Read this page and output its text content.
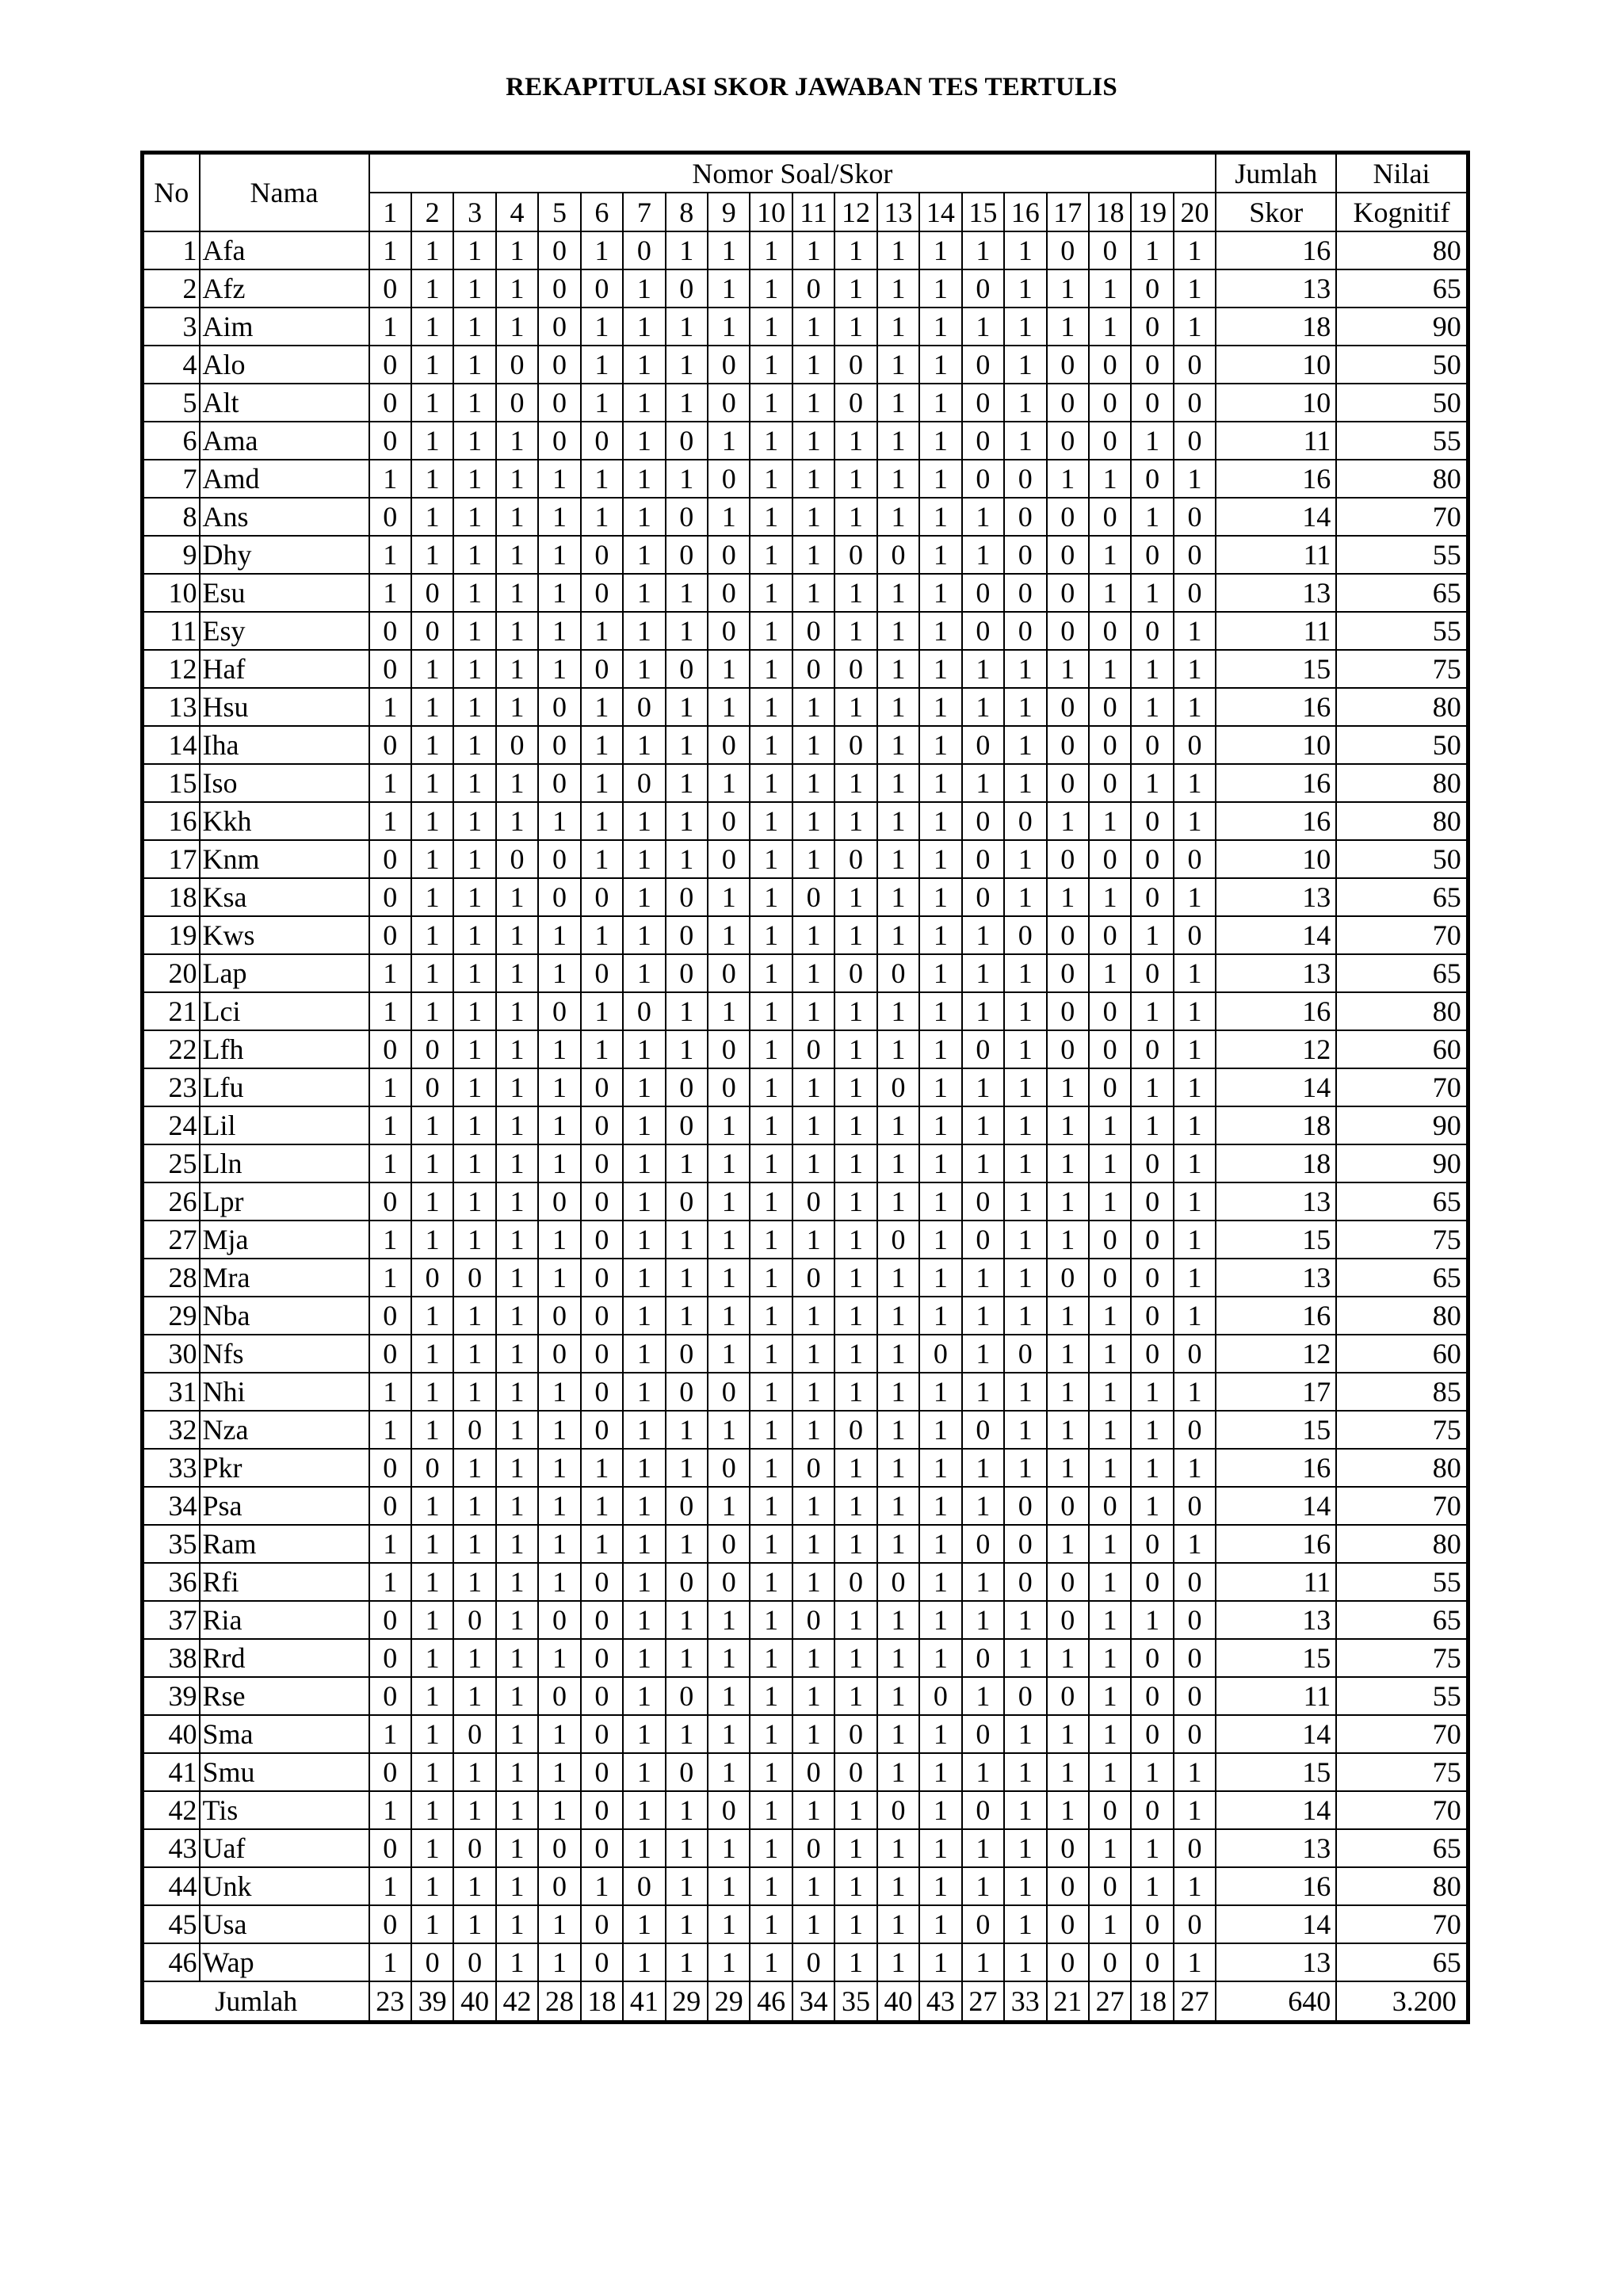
REKAPITULASI SKOR JAWABAN TES TERTULIS
No	Nama	Nomor Soal/Skor																				Jumlah	Nilai
		1	2	3	4	5	6	7	8	9	10	11	12	13	14	15	16	17	18	19	20	Skor	Kognitif
1	Afa	1	1	1	1	0	1	0	1	1	1	1	1	1	1	1	1	0	0	1	1	16	80
2	Afz	0	1	1	1	0	0	1	0	1	1	0	1	1	1	0	1	1	1	0	1	13	65
3	Aim	1	1	1	1	0	1	1	1	1	1	1	1	1	1	1	1	1	1	0	1	18	90
4	Alo	0	1	1	0	0	1	1	1	0	1	1	0	1	1	0	1	0	0	0	0	10	50
5	Alt	0	1	1	0	0	1	1	1	0	1	1	0	1	1	0	1	0	0	0	0	10	50
6	Ama	0	1	1	1	0	0	1	0	1	1	1	1	1	1	0	1	0	0	1	0	11	55
7	Amd	1	1	1	1	1	1	1	1	0	1	1	1	1	1	0	0	1	1	0	1	16	80
8	Ans	0	1	1	1	1	1	1	0	1	1	1	1	1	1	1	0	0	0	1	0	14	70
9	Dhy	1	1	1	1	1	0	1	0	0	1	1	0	0	1	1	0	0	1	0	0	11	55
10	Esu	1	0	1	1	1	0	1	1	0	1	1	1	1	1	0	0	0	1	1	0	13	65
11	Esy	0	0	1	1	1	1	1	1	0	1	0	1	1	1	0	0	0	0	0	1	11	55
12	Haf	0	1	1	1	1	0	1	0	1	1	0	0	1	1	1	1	1	1	1	1	15	75
13	Hsu	1	1	1	1	0	1	0	1	1	1	1	1	1	1	1	1	0	0	1	1	16	80
14	Iha	0	1	1	0	0	1	1	1	0	1	1	0	1	1	0	1	0	0	0	0	10	50
15	Iso	1	1	1	1	0	1	0	1	1	1	1	1	1	1	1	1	0	0	1	1	16	80
16	Kkh	1	1	1	1	1	1	1	1	0	1	1	1	1	1	0	0	1	1	0	1	16	80
17	Knm	0	1	1	0	0	1	1	1	0	1	1	0	1	1	0	1	0	0	0	0	10	50
18	Ksa	0	1	1	1	0	0	1	0	1	1	0	1	1	1	0	1	1	1	0	1	13	65
19	Kws	0	1	1	1	1	1	1	0	1	1	1	1	1	1	1	0	0	0	1	0	14	70
20	Lap	1	1	1	1	1	0	1	0	0	1	1	0	0	1	1	1	0	1	0	1	13	65
21	Lci	1	1	1	1	0	1	0	1	1	1	1	1	1	1	1	1	0	0	1	1	16	80
22	Lfh	0	0	1	1	1	1	1	1	0	1	0	1	1	1	0	1	0	0	0	1	12	60
23	Lfu	1	0	1	1	1	0	1	0	0	1	1	1	0	1	1	1	1	0	1	1	14	70
24	Lil	1	1	1	1	1	0	1	0	1	1	1	1	1	1	1	1	1	1	1	1	18	90
25	Lln	1	1	1	1	1	0	1	1	1	1	1	1	1	1	1	1	1	1	0	1	18	90
26	Lpr	0	1	1	1	0	0	1	0	1	1	0	1	1	1	0	1	1	1	0	1	13	65
27	Mja	1	1	1	1	1	0	1	1	1	1	1	1	0	1	0	1	1	0	0	1	15	75
28	Mra	1	0	0	1	1	0	1	1	1	1	0	1	1	1	1	1	0	0	0	1	13	65
29	Nba	0	1	1	1	0	0	1	1	1	1	1	1	1	1	1	1	1	1	0	1	16	80
30	Nfs	0	1	1	1	0	0	1	0	1	1	1	1	1	0	1	0	1	1	0	0	12	60
31	Nhi	1	1	1	1	1	0	1	0	0	1	1	1	1	1	1	1	1	1	1	1	17	85
32	Nza	1	1	0	1	1	0	1	1	1	1	1	0	1	1	0	1	1	1	1	0	15	75
33	Pkr	0	0	1	1	1	1	1	1	0	1	0	1	1	1	1	1	1	1	1	1	16	80
34	Psa	0	1	1	1	1	1	1	0	1	1	1	1	1	1	1	0	0	0	1	0	14	70
35	Ram	1	1	1	1	1	1	1	1	0	1	1	1	1	1	0	0	1	1	0	1	16	80
36	Rfi	1	1	1	1	1	0	1	0	0	1	1	0	0	1	1	0	0	1	0	0	11	55
37	Ria	0	1	0	1	0	0	1	1	1	1	0	1	1	1	1	1	0	1	1	0	13	65
38	Rrd	0	1	1	1	1	0	1	1	1	1	1	1	1	1	0	1	1	1	0	0	15	75
39	Rse	0	1	1	1	0	0	1	0	1	1	1	1	1	0	1	0	0	1	0	0	11	55
40	Sma	1	1	0	1	1	0	1	1	1	1	1	0	1	1	0	1	1	1	0	0	14	70
41	Smu	0	1	1	1	1	0	1	0	1	1	0	0	1	1	1	1	1	1	1	1	15	75
42	Tis	1	1	1	1	1	0	1	1	0	1	1	1	0	1	0	1	1	0	0	1	14	70
43	Uaf	0	1	0	1	0	0	1	1	1	1	0	1	1	1	1	1	0	1	1	0	13	65
44	Unk	1	1	1	1	0	1	0	1	1	1	1	1	1	1	1	1	0	0	1	1	16	80
45	Usa	0	1	1	1	1	0	1	1	1	1	1	1	1	1	0	1	0	1	0	0	14	70
46	Wap	1	0	0	1	1	0	1	1	1	1	0	1	1	1	1	1	0	0	0	1	13	65
Jumlah		23	39	40	42	28	18	41	29	29	46	34	35	40	43	27	33	21	27	18	27	640	3.200
